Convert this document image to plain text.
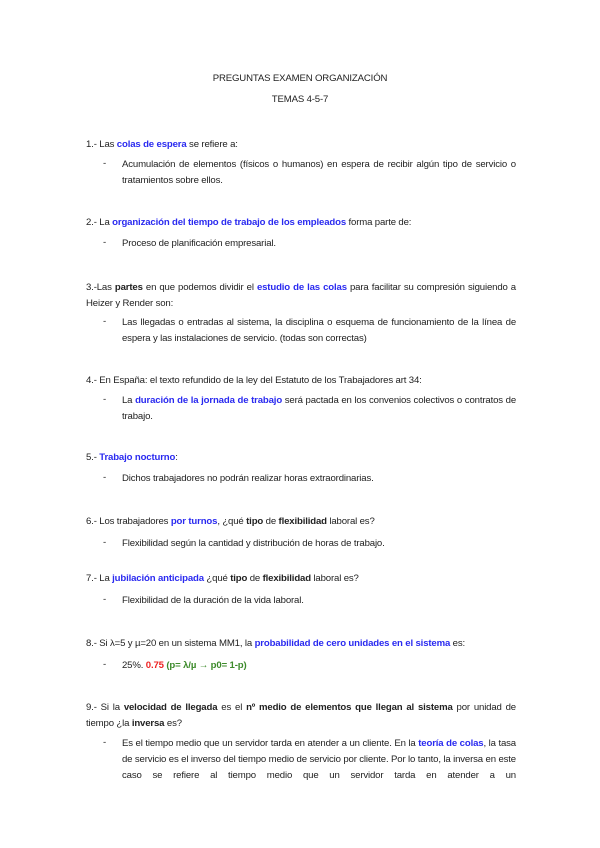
PREGUNTAS EXAMEN ORGANIZACIÓN
TEMAS 4-5-7
1.- Las colas de espera se refiere a:
- Acumulación de elementos (físicos o humanos) en espera de recibir algún tipo de servicio o tratamientos sobre ellos.
2.- La organización del tiempo de trabajo de los empleados forma parte de:
- Proceso de planificación empresarial.
3.-Las partes en que podemos dividir el estudio de las colas para facilitar su compresión siguiendo a Heizer y Render son:
- Las llegadas o entradas al sistema, la disciplina o esquema de funcionamiento de la línea de espera y las instalaciones de servicio. (todas son correctas)
4.- En España: el texto refundido de la ley del Estatuto de los Trabajadores art 34:
- La duración de la jornada de trabajo será pactada en los convenios colectivos o contratos de trabajo.
5.- Trabajo nocturno:
- Dichos trabajadores no podrán realizar horas extraordinarias.
6.- Los trabajadores por turnos, ¿qué tipo de flexibilidad laboral es?
- Flexibilidad según la cantidad y distribución de horas de trabajo.
7.- La jubilación anticipada ¿qué tipo de flexibilidad laboral es?
- Flexibilidad de la duración de la vida laboral.
8.- Si λ=5 y µ=20 en un sistema MM1, la probabilidad de cero unidades en el sistema es:
- 25%. 0.75 (p= λ/µ → p0= 1-p)
9.- Si la velocidad de llegada es el nº medio de elementos que llegan al sistema por unidad de tiempo ¿la inversa es?
- Es el tiempo medio que un servidor tarda en atender a un cliente. En la teoría de colas, la tasa de servicio es el inverso del tiempo medio de servicio por cliente. Por lo tanto, la inversa en este caso se refiere al tiempo medio que un servidor tarda en atender a un
